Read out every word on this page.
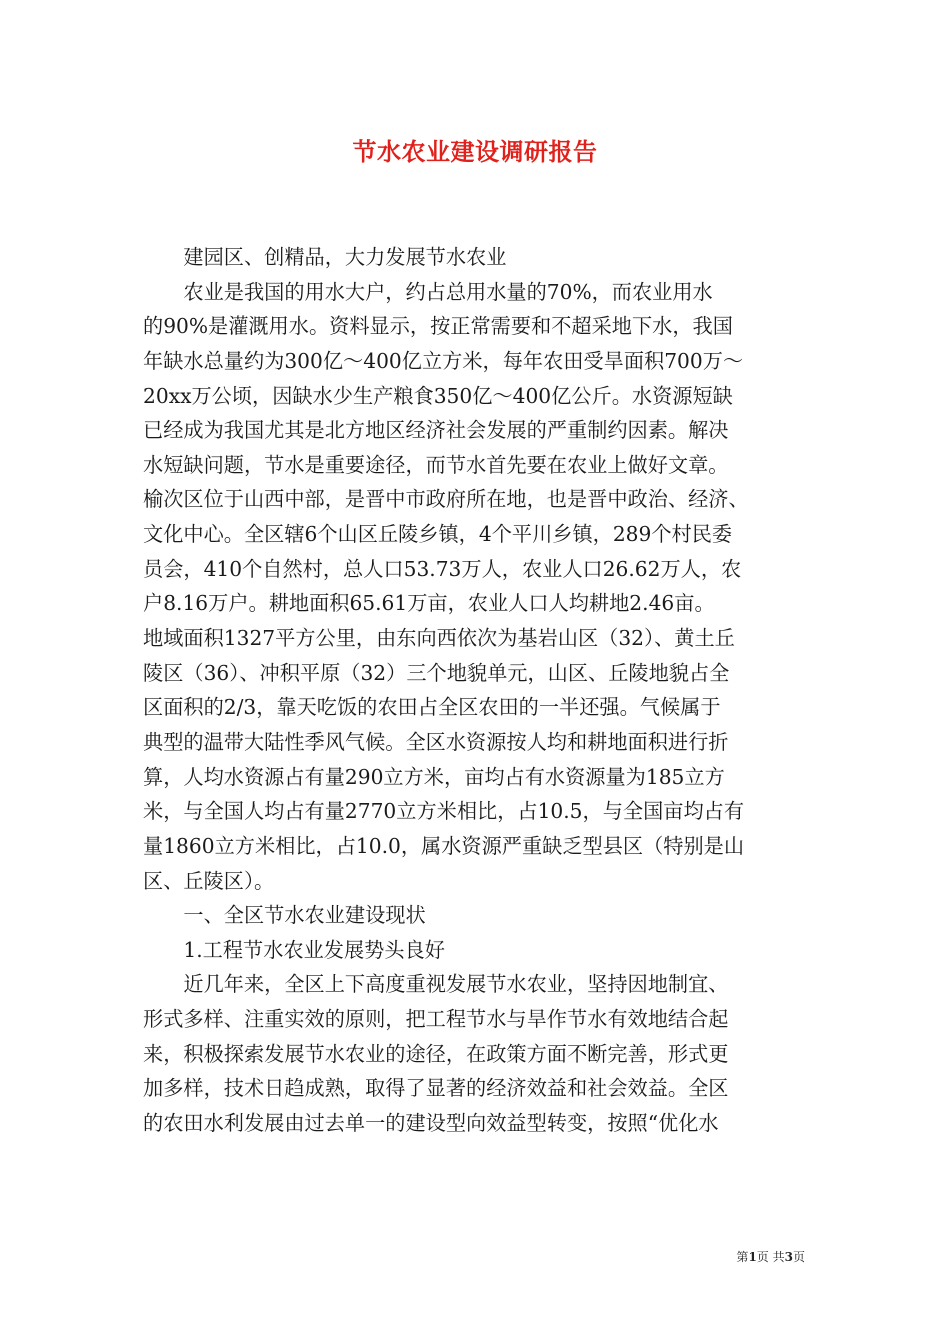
节水农业建设调研报告
　　建园区、创精品，大力发展节水农业
　　农业是我国的用水大户，约占总用水量的70%，而农业用水
的90%是灌溉用水。资料显示，按正常需要和不超采地下水，我国
年缺水总量约为300亿～400亿立方米，每年农田受旱面积700万～
20xx万公顷，因缺水少生产粮食350亿～400亿公斤。水资源短缺
已经成为我国尤其是北方地区经济社会发展的严重制约因素。解决
水短缺问题，节水是重要途径，而节水首先要在农业上做好文章。
榆次区位于山西中部，是晋中市政府所在地，也是晋中政治、经济、
文化中心。全区辖6个山区丘陵乡镇，4个平川乡镇，289个村民委
员会，410个自然村，总人口53.73万人，农业人口26.62万人，农
户8.16万户。耕地面积65.61万亩，农业人口人均耕地2.46亩。
地域面积1327平方公里，由东向西依次为基岩山区（32）、黄土丘
陵区（36）、冲积平原（32）三个地貌单元，山区、丘陵地貌占全
区面积的2/3，靠天吃饭的农田占全区农田的一半还强。气候属于
典型的温带大陆性季风气候。全区水资源按人均和耕地面积进行折
算，人均水资源占有量290立方米，亩均占有水资源量为185立方
米，与全国人均占有量2770立方米相比，占10.5，与全国亩均占有
量1860立方米相比，占10.0，属水资源严重缺乏型县区（特别是山
区、丘陵区）。
　　一、全区节水农业建设现状
　　1.工程节水农业发展势头良好
　　近几年来，全区上下高度重视发展节水农业，坚持因地制宜、
形式多样、注重实效的原则，把工程节水与旱作节水有效地结合起
来，积极探索发展节水农业的途径，在政策方面不断完善，形式更
加多样，技术日趋成熟，取得了显著的经济效益和社会效益。全区
的农田水利发展由过去单一的建设型向效益型转变，按照“优化水
第1页 共3页
